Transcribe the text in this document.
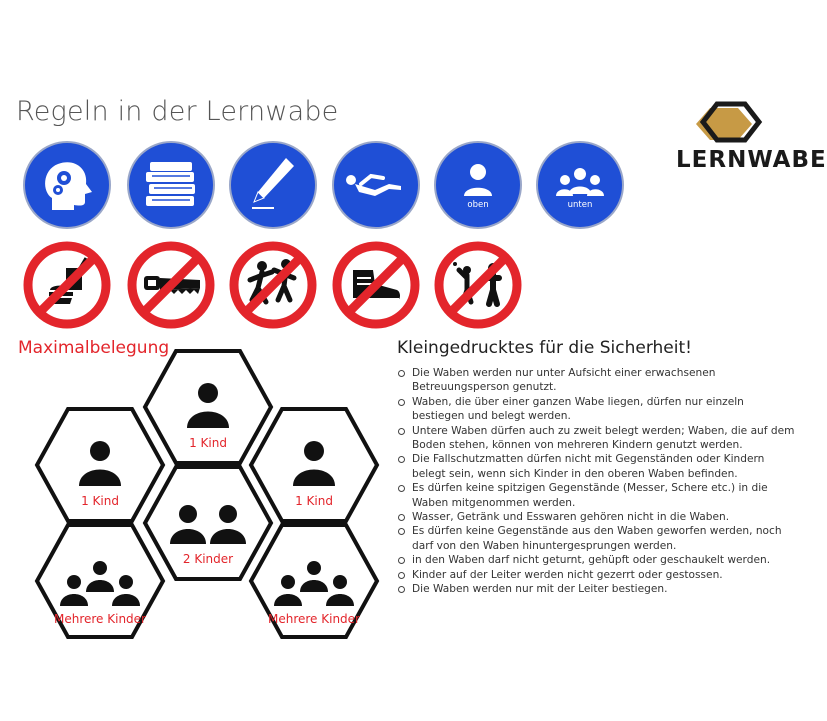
Regeln in der Lernwabe
LERNWABE
oben	unten
Maximalbelegung
1 Kind
1 Kind	1 Kind
2 Kinder
Mehrere Kinder	Mehrere Kinder
Kleingedrucktes für die Sicherheit!
Die Waben werden nur unter Aufsicht einer erwachsenen Betreuungsperson genutzt.
Waben, die über einer ganzen Wabe liegen, dürfen nur einzeln bestiegen und belegt werden.
Untere Waben dürfen auch zu zweit belegt werden; Waben, die auf dem Boden stehen, können von mehreren Kindern genutzt werden.
Die Fallschutzmatten dürfen nicht mit Gegenständen oder Kindern belegt sein, wenn sich Kinder in den oberen Waben befinden.
Es dürfen keine spitzigen Gegenstände (Messer, Schere etc.) in die Waben mitgenommen werden.
Wasser, Getränk und Esswaren gehören nicht in die Waben.
Es dürfen keine Gegenstände aus den Waben geworfen werden, noch darf von den Waben hinuntergesprungen werden.
in den Waben darf nicht geturnt, gehüpft oder geschaukelt werden.
Kinder auf der Leiter werden nicht gezerrt oder gestossen.
Die Waben werden nur mit der Leiter bestiegen.
